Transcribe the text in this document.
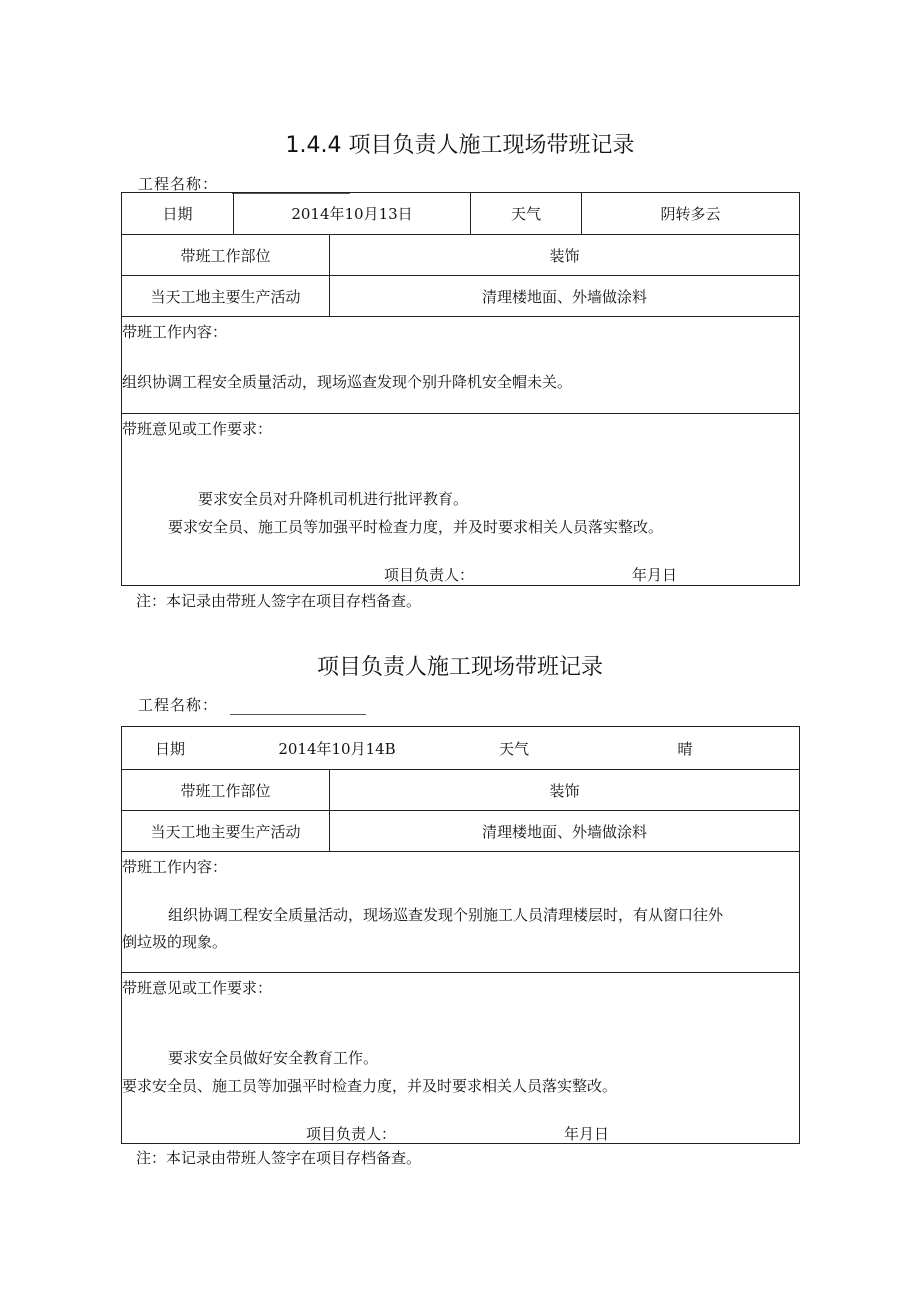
1.4.4 项目负责人施工现场带班记录
工程名称：
日期	2014年10月13日	天气	阴转多云
带班工作部位	装饰
当天工地主要生产活动	清理楼地面、外墙做涂料
带班工作内容：
组织协调工程安全质量活动，现场巡查发现个别升降机安全帽未关。
带班意见或工作要求：
要求安全员对升降机司机进行批评教育。
要求安全员、施工员等加强平时检查力度，并及时要求相关人员落实整改。
项目负责人：	年月日
注：本记录由带班人签字在项目存档备查。
项目负责人施工现场带班记录
工程名称：
日期	2014年10月14B	天气	晴
带班工作部位	装饰
当天工地主要生产活动	清理楼地面、外墙做涂料
带班工作内容：
组织协调工程安全质量活动，现场巡查发现个别施工人员清理楼层时，有从窗口往外
倒垃圾的现象。
带班意见或工作要求：
要求安全员做好安全教育工作。
要求安全员、施工员等加强平时检查力度，并及时要求相关人员落实整改。
项目负责人：	年月日
注：本记录由带班人签字在项目存档备查。
